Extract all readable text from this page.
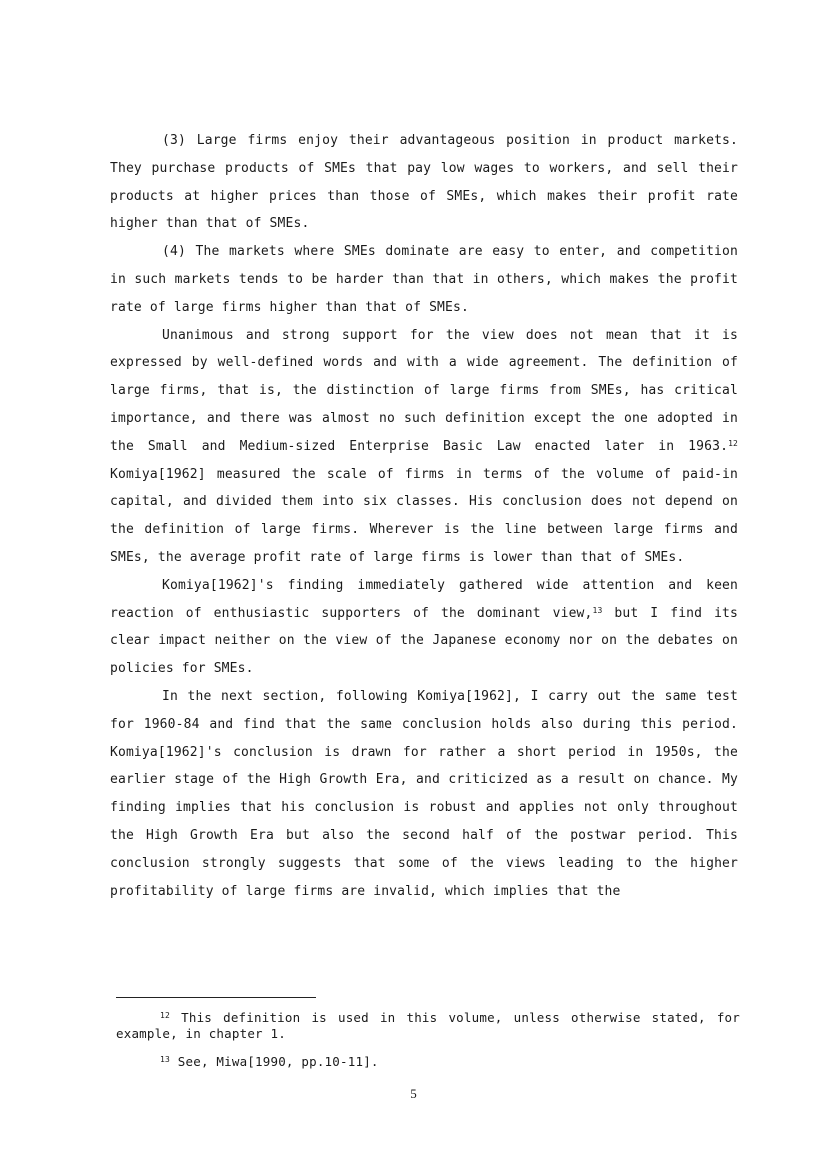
(3) Large firms enjoy their advantageous position in product markets. They purchase products of SMEs that pay low wages to workers, and sell their products at higher prices than those of SMEs, which makes their profit rate higher than that of SMEs.

(4) The markets where SMEs dominate are easy to enter, and competition in such markets tends to be harder than that in others, which makes the profit rate of large firms higher than that of SMEs.

Unanimous and strong support for the view does not mean that it is expressed by well-defined words and with a wide agreement. The definition of large firms, that is, the distinction of large firms from SMEs, has critical importance, and there was almost no such definition except the one adopted in the Small and Medium-sized Enterprise Basic Law enacted later in 1963.12 Komiya[1962] measured the scale of firms in terms of the volume of paid-in capital, and divided them into six classes. His conclusion does not depend on the definition of large firms. Wherever is the line between large firms and SMEs, the average profit rate of large firms is lower than that of SMEs.

Komiya[1962]'s finding immediately gathered wide attention and keen reaction of enthusiastic supporters of the dominant view,$^{13}$ but I find its clear impact neither on the view of the Japanese economy nor on the debates on policies for SMEs.

In the next section, following Komiya[1962], I carry out the same test for 1960-84 and find that the same conclusion holds also during this period. Komiya[1962]'s conclusion is drawn for rather a short period in 1950s, the earlier stage of the High Growth Era, and criticized as a result on chance. My finding implies that his conclusion is robust and applies not only throughout the High Growth Era but also the second half of the postwar period. This conclusion strongly suggests that some of the views leading to the higher profitability of large firms are invalid, which implies that the

$^{12}$ This definition is used in this volume, unless otherwise stated, for example, in chapter 1.

$^{13}$ See, Miwa[1990, pp.10-11].

5
